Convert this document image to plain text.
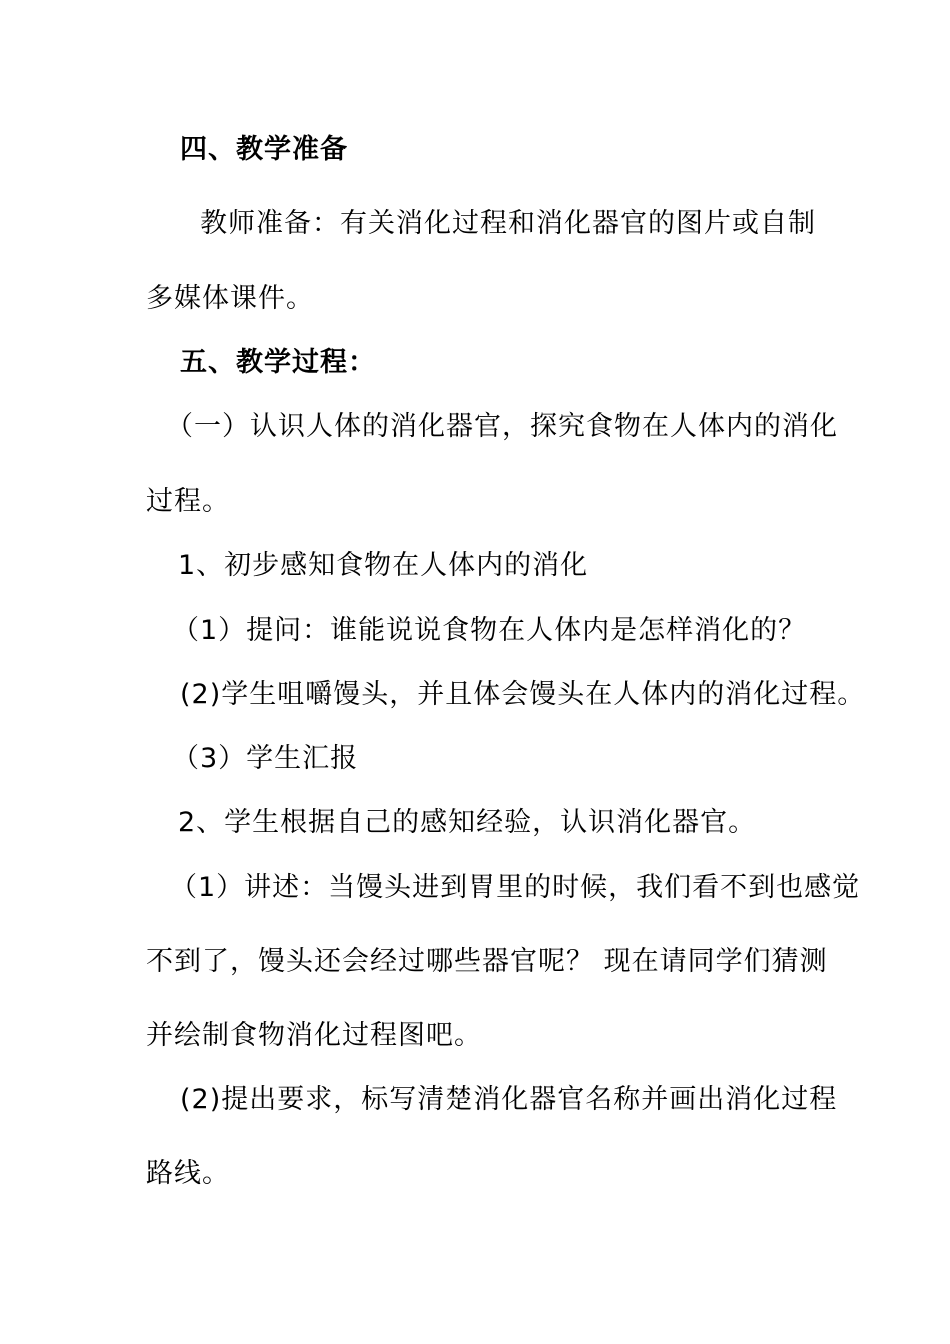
四、教学准备
教师准备：有关消化过程和消化器官的图片或自制
多媒体课件。
五、教学过程：
（一）认识人体的消化器官，探究食物在人体内的消化
过程。
1、初步感知食物在人体内的消化
（1）提问：谁能说说食物在人体内是怎样消化的？
(2)学生咀嚼馒头，并且体会馒头在人体内的消化过程。
（3）学生汇报
2、学生根据自己的感知经验，认识消化器官。
（1）讲述：当馒头进到胃里的时候，我们看不到也感觉
不到了，馒头还会经过哪些器官呢？ 现在请同学们猜测
并绘制食物消化过程图吧。
(2)提出要求，标写清楚消化器官名称并画出消化过程
路线。
